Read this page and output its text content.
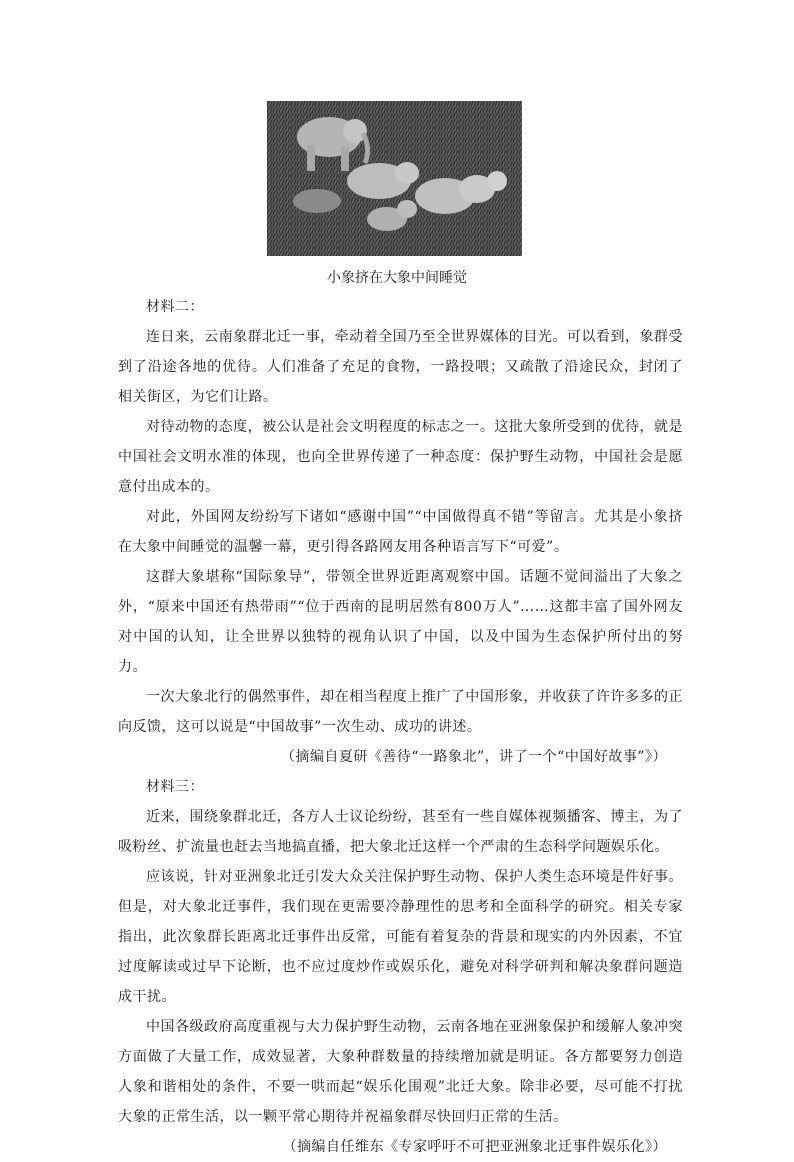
小象挤在大象中间睡觉

材料二：

连日来，云南象群北迁一事，牵动着全国乃至全世界媒体的目光。可以看到，象群受到了沿途各地的优待。人们准备了充足的食物，一路投喂；又疏散了沿途民众，封闭了相关街区，为它们让路。

对待动物的态度，被公认是社会文明程度的标志之一。这批大象所受到的优待，就是中国社会文明水准的体现，也向全世界传递了一种态度：保护野生动物，中国社会是愿意付出成本的。

对此，外国网友纷纷写下诸如“感谢中国”“中国做得真不错”等留言。尤其是小象挤在大象中间睡觉的温馨一幕，更引得各路网友用各种语言写下“可爱”。

这群大象堪称“国际象导”，带领全世界近距离观察中国。话题不觉间溢出了大象之外，“原来中国还有热带雨”“位于西南的昆明居然有800万人”……这都丰富了国外网友对中国的认知，让全世界以独特的视角认识了中国，以及中国为生态保护所付出的努力。

一次大象北行的偶然事件，却在相当程度上推广了中国形象，并收获了许许多多的正向反馈，这可以说是“中国故事”一次生动、成功的讲述。

（摘编自夏研《善待“一路象北”，讲了一个“中国好故事”》）

材料三：

近来，围绕象群北迁，各方人士议论纷纷，甚至有一些自媒体视频播客、博主，为了吸粉丝、扩流量也赶去当地搞直播，把大象北迁这样一个严肃的生态科学问题娱乐化。

应该说，针对亚洲象北迁引发大众关注保护野生动物、保护人类生态环境是件好事。但是，对大象北迁事件，我们现在更需要冷静理性的思考和全面科学的研究。相关专家指出，此次象群长距离北迁事件出反常，可能有着复杂的背景和现实的内外因素，不宜过度解读或过早下论断，也不应过度炒作或娱乐化，避免对科学研判和解决象群问题造成干扰。

中国各级政府高度重视与大力保护野生动物，云南各地在亚洲象保护和缓解人象冲突方面做了大量工作，成效显著，大象种群数量的持续增加就是明证。各方都要努力创造人象和谐相处的条件，不要一哄而起“娱乐化围观”北迁大象。除非必要，尽可能不打扰大象的正常生活，以一颗平常心期待并祝福象群尽快回归正常的生活。

（摘编自任维东《专家呼吁不可把亚洲象北迁事件娱乐化》）
